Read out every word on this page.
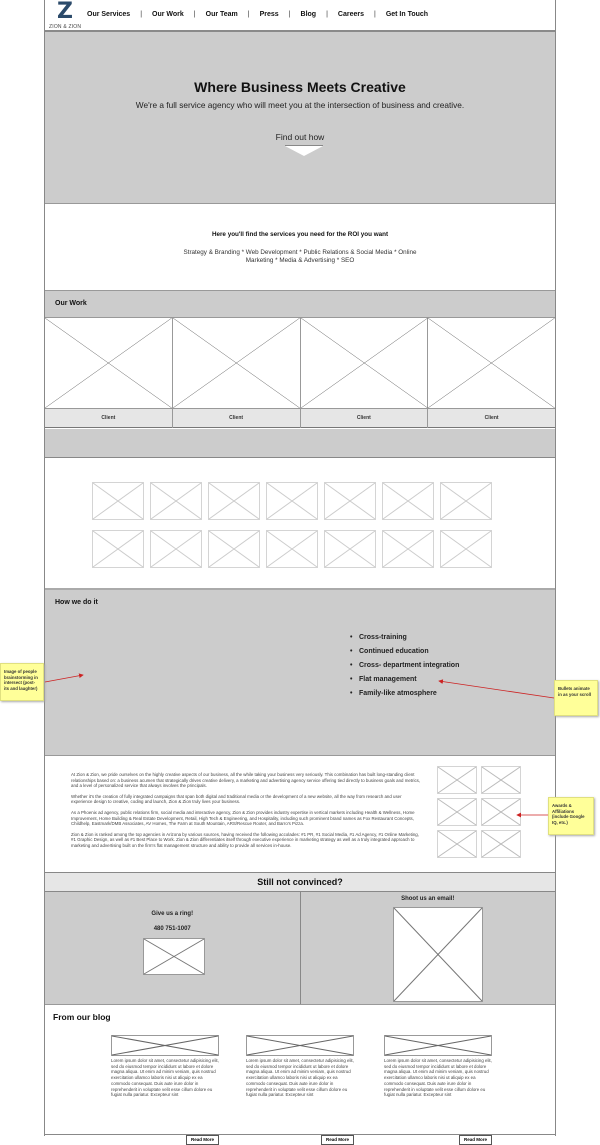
Z
ZION & ZION
Our Services | Our Work | Our Team | Press | Blog | Careers | Get In Touch
Where Business Meets Creative
We're a full service agency who will meet you at the intersection of business and creative.
Find out how
Here you'll find the services you need for the ROI you want
Strategy & Branding * Web Development * Public Relations & Social Media * Online Marketing * Media & Advertising * SEO
Our Work
Client	Client	Client	Client
How we do it
• Cross-training
• Continued education
• Cross- department integration
• Flat management
• Family-like atmosphere

At Zion & Zion, we pride ourselves on the highly creative aspects of our business, all the while taking your business very seriously. This combination has built long-standing client relationships based on: a business acumen that strategically drives creative delivery, a marketing and advertising agency service offering tied directly to business goals and metrics, and a level of personalized service that always involves the principals.

Whether it's the creation of fully integrated campaigns that span both digital and traditional media or the development of a new website, all the way from research and user experience design to creative, coding and launch, Zion & Zion truly lives your business.

As a Phoenix ad agency, public relations firm, social media and interactive agency, Zion & Zion provides industry expertise in vertical markets including Health & Wellness, Home Improvement, Home Building & Real Estate Development, Retail, High Tech & Engineering, and Hospitality, including such prominent brand names as Fox Restaurant Concepts, Childhelp, Eastmark/DMB Associates, AV Homes, The Farm at South Mountain, ARS/Rescue Rooter, and Barro's Pizza.

Zion & Zion is ranked among the top agencies in Arizona by various sources, having received the following accolades: #1 PR, #1 Social Media, #1 Ad Agency, #1 Online Marketing, #1 Graphic Design, as well as #1 Best Place to Work. Zion & Zion differentiates itself through executive experience in marketing strategy as well as a truly integrated approach to marketing and advertising built on the firm's flat management structure and ability to provide all services in-house.

Still not convinced?
Give us a ring!
480 751-1007
Shoot us an email!
From our blog
Lorem ipsum dolor sit amet, consectetur adipisicing elit, sed do eiusmod tempor incididunt ut labore et dolore magna aliqua. Ut enim ad minim veniam, quis nostrud exercitation ullamco laboris nisi ut aliquip ex ea commodo consequat. Duis aute irure dolor in reprehenderit in voluptate velit esse cillum dolore eu fugiat nulla pariatur. Excepteur sint
Read More
Lorem ipsum dolor sit amet, consectetur adipisicing elit, sed do eiusmod tempor incididunt ut labore et dolore magna aliqua. Ut enim ad minim veniam, quis nostrud exercitation ullamco laboris nisi ut aliquip ex ea commodo consequat. Duis aute irure dolor in reprehenderit in voluptate velit esse cillum dolore eu fugiat nulla pariatur. Excepteur sint
Read More
Lorem ipsum dolor sit amet, consectetur adipisicing elit, sed do eiusmod tempor incididunt ut labore et dolore magna aliqua. Ut enim ad minim veniam, quis nostrud exercitation ullamco laboris nisi ut aliquip ex ea commodo consequat. Duis aute irure dolor in reprehenderit in voluptate velit esse cillum dolore eu fugiat nulla pariatur. Excepteur sint
Read More
Image of people brainstorming in intersect (post-its and laughter)	Bullets animate in as your scroll
Awards & Affiliations (include Google IQ, etc.)
